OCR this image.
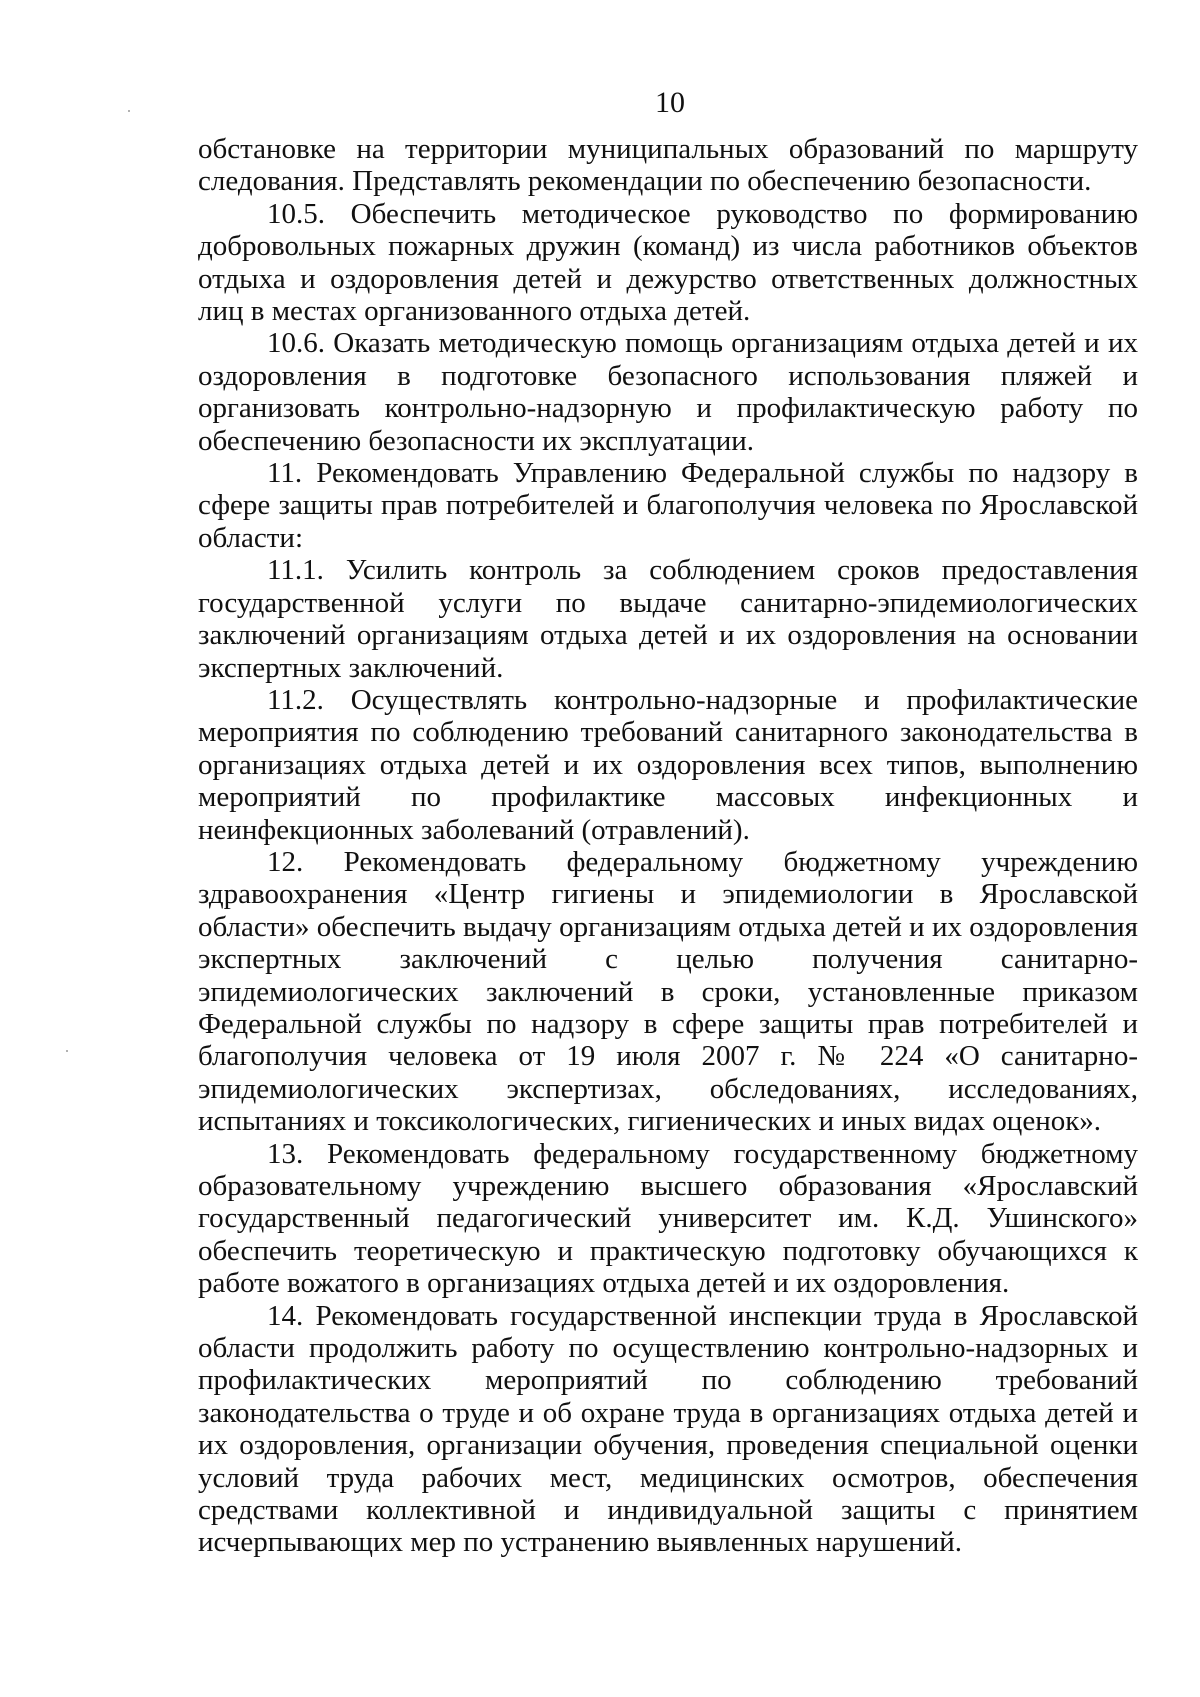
10

обстановке на территории муниципальных образований по маршруту следования. Представлять рекомендации по обеспечению безопасности.

10.5. Обеспечить методическое руководство по формированию добровольных пожарных дружин (команд) из числа работников объектов отдыха и оздоровления детей и дежурство ответственных должностных лиц в местах организованного отдыха детей.

10.6. Оказать методическую помощь организациям отдыха детей и их оздоровления в подготовке безопасного использования пляжей и организовать контрольно-надзорную и профилактическую работу по обеспечению безопасности их эксплуатации.

11. Рекомендовать Управлению Федеральной службы по надзору в сфере защиты прав потребителей и благополучия человека по Ярославской области:

11.1. Усилить контроль за соблюдением сроков предоставления государственной услуги по выдаче санитарно-эпидемиологических заключений организациям отдыха детей и их оздоровления на основании экспертных заключений.

11.2. Осуществлять контрольно-надзорные и профилактические мероприятия по соблюдению требований санитарного законодательства в организациях отдыха детей и их оздоровления всех типов, выполнению мероприятий по профилактике массовых инфекционных и неинфекционных заболеваний (отравлений).

12. Рекомендовать федеральному бюджетному учреждению здравоохранения «Центр гигиены и эпидемиологии в Ярославской области» обеспечить выдачу организациям отдыха детей и их оздоровления экспертных заключений с целью получения санитарно-эпидемиологических заключений в сроки, установленные приказом Федеральной службы по надзору в сфере защиты прав потребителей и благополучия человека от 19 июля 2007 г. № 224 «О санитарно-эпидемиологических экспертизах, обследованиях, исследованиях, испытаниях и токсикологических, гигиенических и иных видах оценок».

13. Рекомендовать федеральному государственному бюджетному образовательному учреждению высшего образования «Ярославский государственный педагогический университет им. К.Д. Ушинского» обеспечить теоретическую и практическую подготовку обучающихся к работе вожатого в организациях отдыха детей и их оздоровления.

14. Рекомендовать государственной инспекции труда в Ярославской области продолжить работу по осуществлению контрольно-надзорных и профилактических мероприятий по соблюдению требований законодательства о труде и об охране труда в организациях отдыха детей и их оздоровления, организации обучения, проведения специальной оценки условий труда рабочих мест, медицинских осмотров, обеспечения средствами коллективной и индивидуальной защиты с принятием исчерпывающих мер по устранению выявленных нарушений.
